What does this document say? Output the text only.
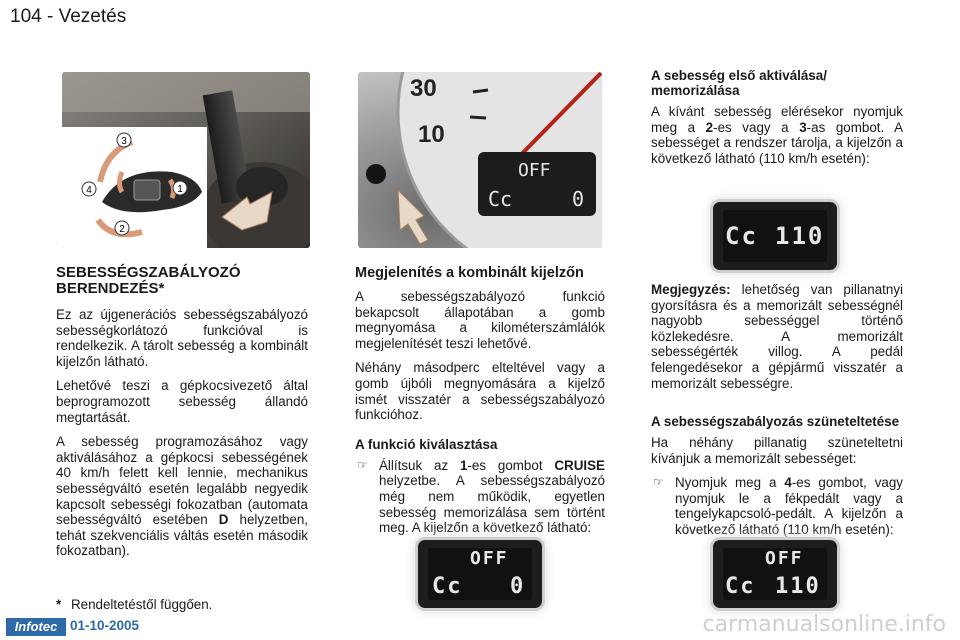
104 - Vezetés
3
4	1
2
30
10
OFF
Cc	0
SEBESSÉGSZABÁLYOZÓ BERENDEZÉS*

Ez az újgenerációs sebességszabályozó sebességkorlátozó funkcióval is rendelkezik. A tárolt sebesség a kombinált kijelzőn látható.

Lehetővé teszi a gépkocsivezető által beprogramozott sebesség állandó megtartását.

A sebesség programozásához vagy aktiválásához a gépkocsi sebességének 40 km/h felett kell lennie, mechanikus sebességváltó esetén legalább negyedik kapcsolt sebességi fokozatban (automata sebességváltó esetében D helyzetben, tehát szekvenciális váltás esetén második fokozatban).

* Rendeltetéstől függően.
Megjelenítés a kombinált kijelzőn

A sebességszabályozó funkció bekapcsolt állapotában a gomb megnyomása a kilométerszámlálók megjelenítését teszi lehetővé.

Néhány másodperc elteltével vagy a gomb újbóli megnyomására a kijelző ismét visszatér a sebességszabályozó funkcióhoz.

A funkció kiválasztása
☞ Állítsuk az 1-es gombot CRUISE helyzetbe. A sebességszabályozó még nem működik, egyetlen sebesség memorizálása sem történt meg. A kijelzőn a következő látható:
A sebesség első aktiválása/ memorizálása

A kívánt sebesség elérésekor nyomjuk meg a 2-es vagy a 3-as gombot. A sebességet a rendszer tárolja, a kijelzőn a következő látható (110 km/h esetén):

Megjegyzés: lehetőség van pillanatnyi gyorsításra és a memorizált sebességnél nagyobb sebességgel történő közlekedésre. A memorizált sebességérték villog. A pedál felengedésekor a gépjármű visszatér a memorizált sebességre.

A sebességszabályozás szüneteltetése

Ha néhány pillanatig szüneteltetni kívánjuk a memorizált sebességet:

☞ Nyomjuk meg a 4-es gombot, vagy nyomjuk le a fékpedált vagy a tengelykapcsoló-pedált. A kijelzőn a következő látható (110 km/h esetén):
OFF
Cc 0
Cc 110
OFF
Cc 110
Infotec 01-10-2005	carmanualsonline.info
